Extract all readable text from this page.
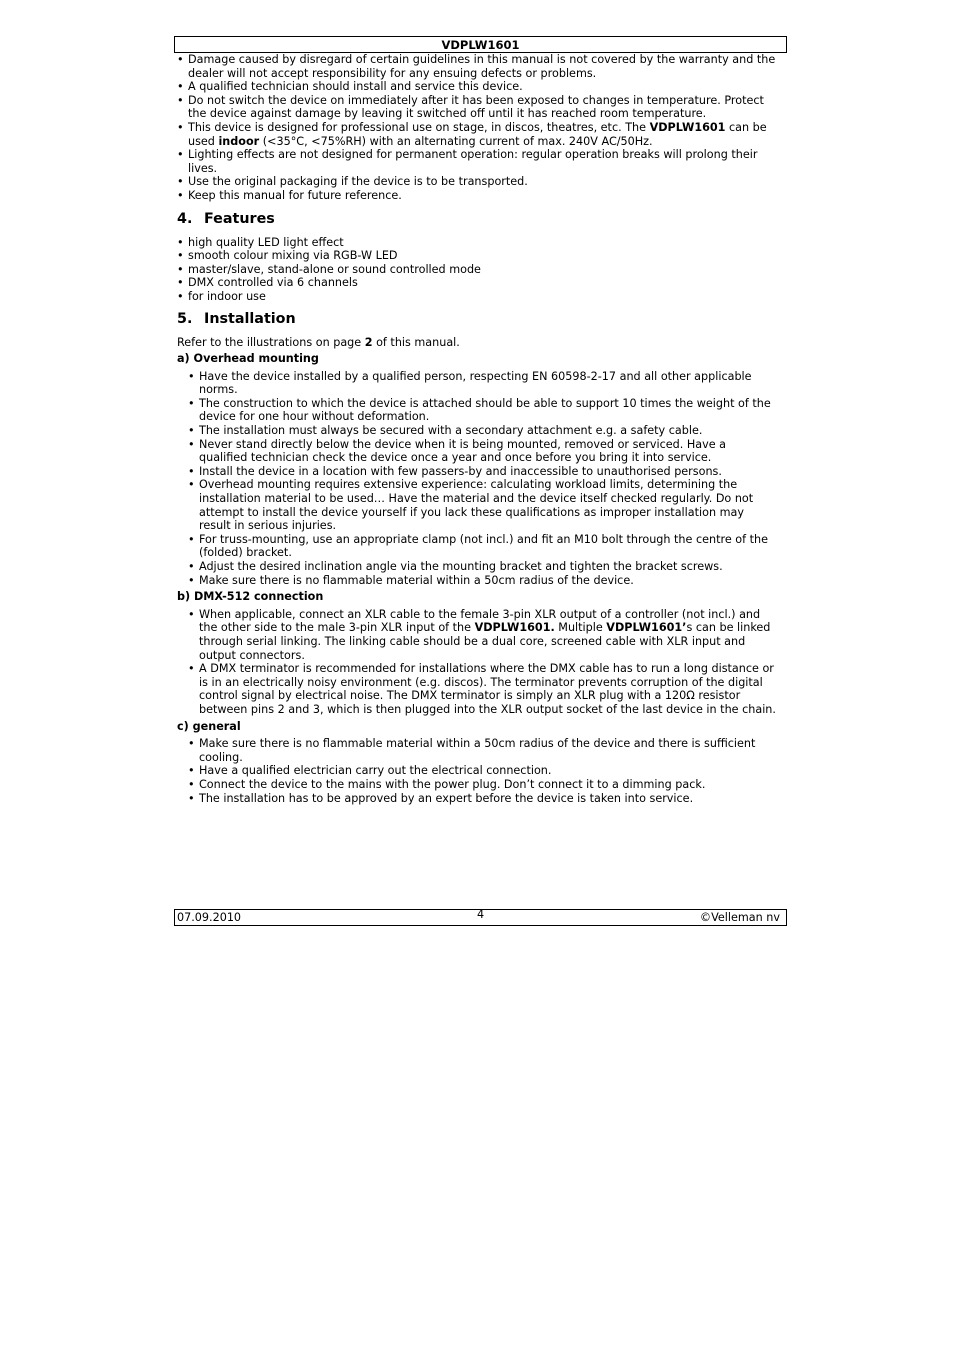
VDPLW1601
• Damage caused by disregard of certain guidelines in this manual is not covered by the warranty and the dealer will not accept responsibility for any ensuing defects or problems.
• A qualified technician should install and service this device.
• Do not switch the device on immediately after it has been exposed to changes in temperature. Protect the device against damage by leaving it switched off until it has reached room temperature.
• This device is designed for professional use on stage, in discos, theatres, etc. The VDPLW1601 can be used indoor (<35°C, <75%RH) with an alternating current of max. 240V AC/50Hz.
• Lighting effects are not designed for permanent operation: regular operation breaks will prolong their lives.
• Use the original packaging if the device is to be transported.
• Keep this manual for future reference.
4. Features
• high quality LED light effect
• smooth colour mixing via RGB-W LED
• master/slave, stand-alone or sound controlled mode
• DMX controlled via 6 channels
• for indoor use
5. Installation

Refer to the illustrations on page 2 of this manual.

a) Overhead mounting
• Have the device installed by a qualified person, respecting EN 60598-2-17 and all other applicable norms.
• The construction to which the device is attached should be able to support 10 times the weight of the device for one hour without deformation.
• The installation must always be secured with a secondary attachment e.g. a safety cable.
• Never stand directly below the device when it is being mounted, removed or serviced. Have a qualified technician check the device once a year and once before you bring it into service.
• Install the device in a location with few passers-by and inaccessible to unauthorised persons.
• Overhead mounting requires extensive experience: calculating workload limits, determining the installation material to be used… Have the material and the device itself checked regularly. Do not attempt to install the device yourself if you lack these qualifications as improper installation may result in serious injuries.
• For truss-mounting, use an appropriate clamp (not incl.) and fit an M10 bolt through the centre of the (folded) bracket.
• Adjust the desired inclination angle via the mounting bracket and tighten the bracket screws.
• Make sure there is no flammable material within a 50cm radius of the device.
b) DMX-512 connection
• When applicable, connect an XLR cable to the female 3-pin XLR output of a controller (not incl.) and the other side to the male 3-pin XLR input of the VDPLW1601. Multiple VDPLW1601’s can be linked through serial linking. The linking cable should be a dual core, screened cable with XLR input and output connectors.
• A DMX terminator is recommended for installations where the DMX cable has to run a long distance or is in an electrically noisy environment (e.g. discos). The terminator prevents corruption of the digital control signal by electrical noise. The DMX terminator is simply an XLR plug with a 120Ω resistor between pins 2 and 3, which is then plugged into the XLR output socket of the last device in the chain.
c) general
• Make sure there is no flammable material within a 50cm radius of the device and there is sufficient cooling.
• Have a qualified electrician carry out the electrical connection.
• Connect the device to the mains with the power plug. Don’t connect it to a dimming pack.
• The installation has to be approved by an expert before the device is taken into service.
07.09.2010	4	©Velleman nv
